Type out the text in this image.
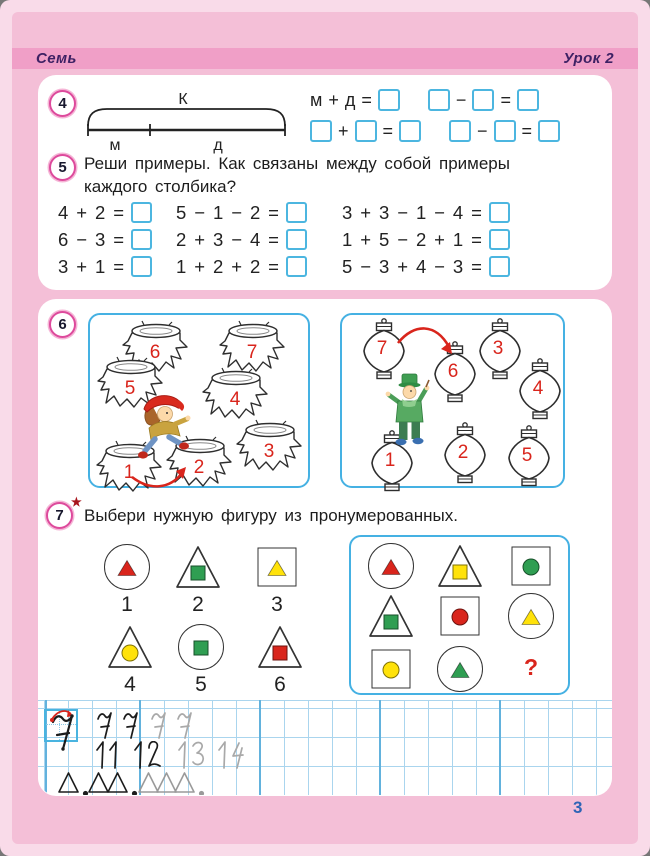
Семь	Урок 2
4	К
м	д
м + д =	− =
+ =	− =
5 Реши примеры. Как связаны между собой примеры
каждого столбика?
4 + 2 =
6 − 3 =
3 + 1 =
5 − 1 − 2 =
2 + 3 − 4 =
1 + 2 + 2 =
3 + 3 − 1 − 4 =
1 + 5 − 2 + 1 =
5 − 3 + 4 − 3 =
6
6	7
5
4
1	2
3
7	3
6
4
1	2	5
7
★
Выбери нужную фигуру из пронумерованных.
?
1	2	3
4	5	6
3
